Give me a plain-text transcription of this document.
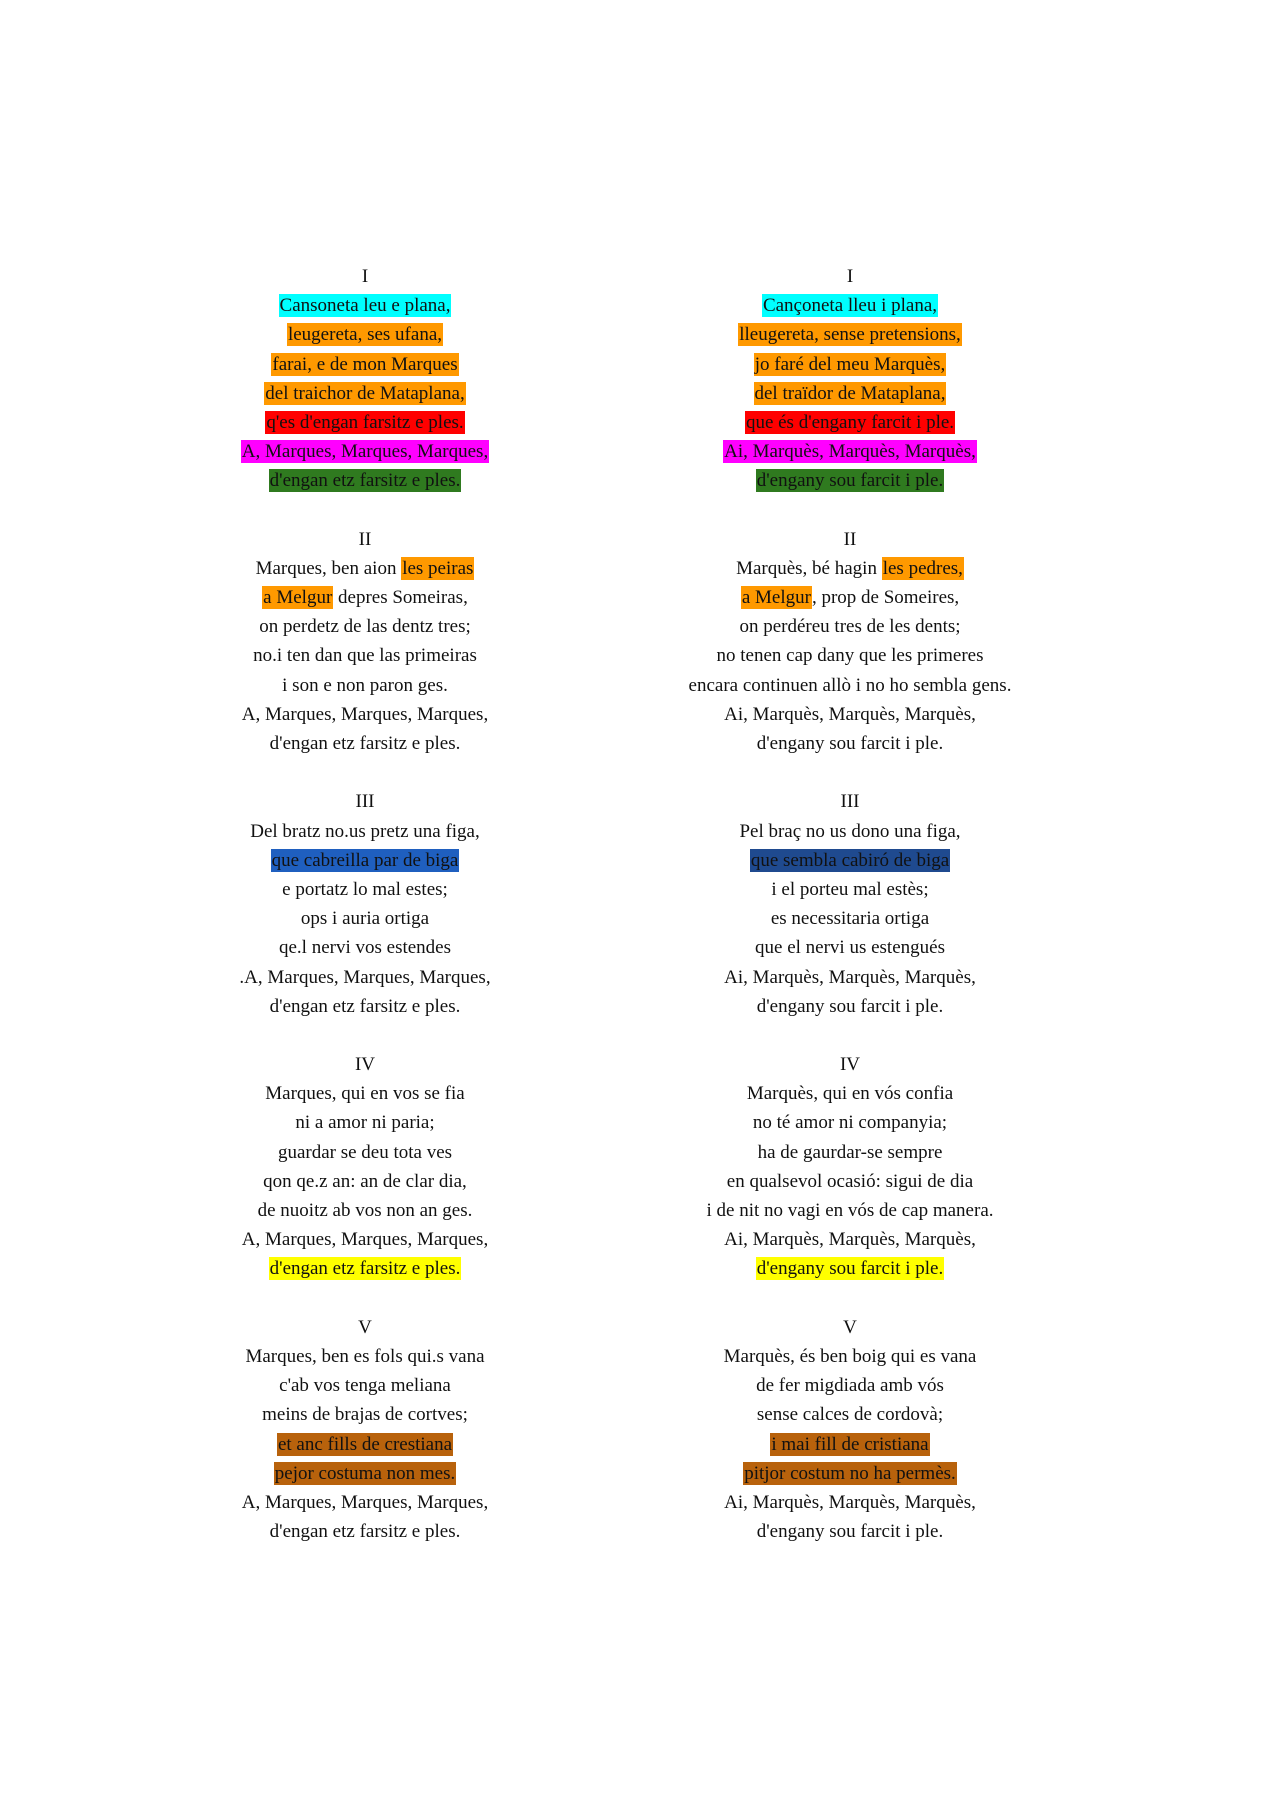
I
Cansoneta leu e plana,
leugereta, ses ufana,
farai, e de mon Marques
del traichor de Mataplana,
q'es d'engan farsitz e ples.
A, Marques, Marques, Marques,
d'engan etz farsitz e ples.
II
Marques, ben aion les peiras
a Melgur depres Someiras,
on perdetz de las dentz tres;
no.i ten dan que las primeiras
i son e non paron ges.
A, Marques, Marques, Marques,
d'engan etz farsitz e ples.
III
Del bratz no.us pretz una figa,
que cabreilla par de biga
e portatz lo mal estes;
ops i auria ortiga
qe.l nervi vos estendes
.A, Marques, Marques, Marques,
d'engan etz farsitz e ples.
IV
Marques, qui en vos se fia
ni a amor ni paria;
guardar se deu tota ves
qon qe.z an: an de clar dia,
de nuoitz ab vos non an ges.
A, Marques, Marques, Marques,
d'engan etz farsitz e ples.
V
Marques, ben es fols qui.s vana
c'ab vos tenga meliana
meins de brajas de cortves;
et anc fills de crestiana
pejor costuma non mes.
A, Marques, Marques, Marques,
d'engan etz farsitz e ples.
I
Cançoneta lleu i plana,
lleugereta, sense pretensions,
jo faré del meu Marquès,
del traïdor de Mataplana,
que és d'engany farcit i ple.
Ai, Marquès, Marquès, Marquès,
d'engany sou farcit i ple.
II
Marquès, bé hagin les pedres,
a Melgur, prop de Someires,
on perdéreu tres de les dents;
no tenen cap dany que les primeres
encara continuen allò i no ho sembla gens.
Ai, Marquès, Marquès, Marquès,
d'engany sou farcit i ple.
III
Pel braç no us dono una figa,
que sembla cabiró de biga
i el porteu mal estès;
es necessitaria ortiga
que el nervi us estengués
Ai, Marquès, Marquès, Marquès,
d'engany sou farcit i ple.
IV
Marquès, qui en vós confia
no té amor ni companyia;
ha de gaurdar-se sempre
en qualsevol ocasió: sigui de dia
i de nit no vagi en vós de cap manera.
Ai, Marquès, Marquès, Marquès,
d'engany sou farcit i ple.
V
Marquès, és ben boig qui es vana
de fer migdiada amb vós
sense calces de cordovà;
i mai fill de cristiana
pitjor costum no ha permès.
Ai, Marquès, Marquès, Marquès,
d'engany sou farcit i ple.
